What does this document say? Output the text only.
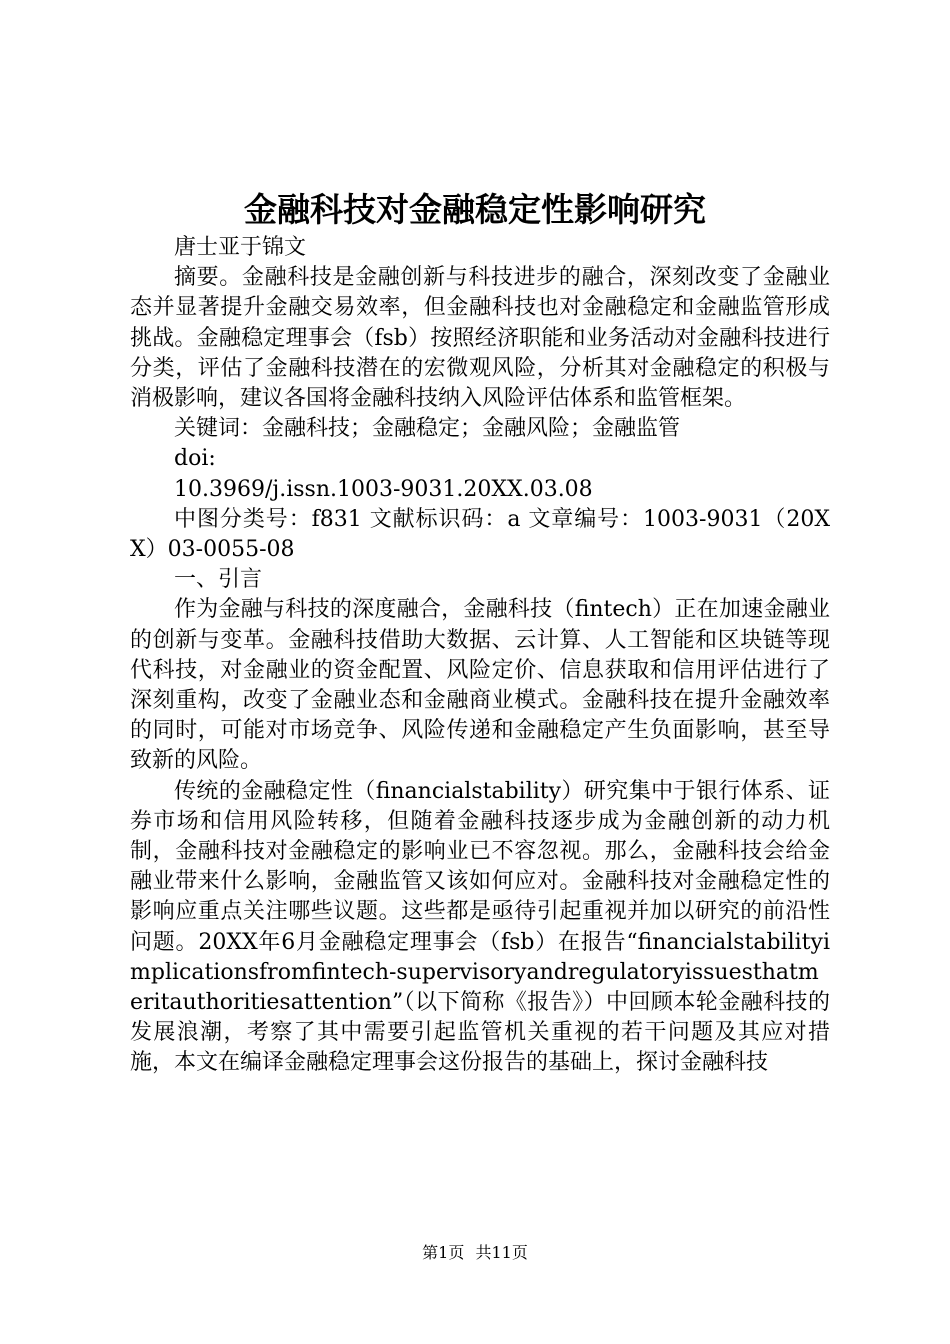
金融科技对金融稳定性影响研究

唐士亚于锦文

摘要。金融科技是金融创新与科技进步的融合，深刻改变了金融业态并显著提升金融交易效率，但金融科技也对金融稳定和金融监管形成挑战。金融稳定理事会（fsb）按照经济职能和业务活动对金融科技进行分类，评估了金融科技潜在的宏微观风险，分析其对金融稳定的积极与消极影响，建议各国将金融科技纳入风险评估体系和监管框架。

关键词：金融科技；金融稳定；金融风险；金融监管

doi:

10.3969/j.issn.1003-9031.20XX.03.08

中图分类号：f831 文献标识码：a 文章编号：1003-9031（20XX）03-0055-08

一、引言

作为金融与科技的深度融合，金融科技（fintech）正在加速金融业的创新与变革。金融科技借助大数据、云计算、人工智能和区块链等现代科技，对金融业的资金配置、风险定价、信息获取和信用评估进行了深刻重构，改变了金融业态和金融商业模式。金融科技在提升金融效率的同时，可能对市场竞争、风险传递和金融稳定产生负面影响，甚至导致新的风险。

传统的金融稳定性（financialstability）研究集中于银行体系、证券市场和信用风险转移，但随着金融科技逐步成为金融创新的动力机制，金融科技对金融稳定的影响业已不容忽视。那么，金融科技会给金融业带来什么影响，金融监管又该如何应对。金融科技对金融稳定性的影响应重点关注哪些议题。这些都是亟待引起重视并加以研究的前沿性问题。20XX年6月金融稳定理事会（fsb）在报告“financialstabilityimplicationsfromfintech-supervisoryandregulatoryissuesthatmeritauthoritiesattention”（以下简称《报告》）中回顾本轮金融科技的发展浪潮，考察了其中需要引起监管机关重视的若干问题及其应对措施，本文在编译金融稳定理事会这份报告的基础上，探讨金融科技

第1页 共11页
